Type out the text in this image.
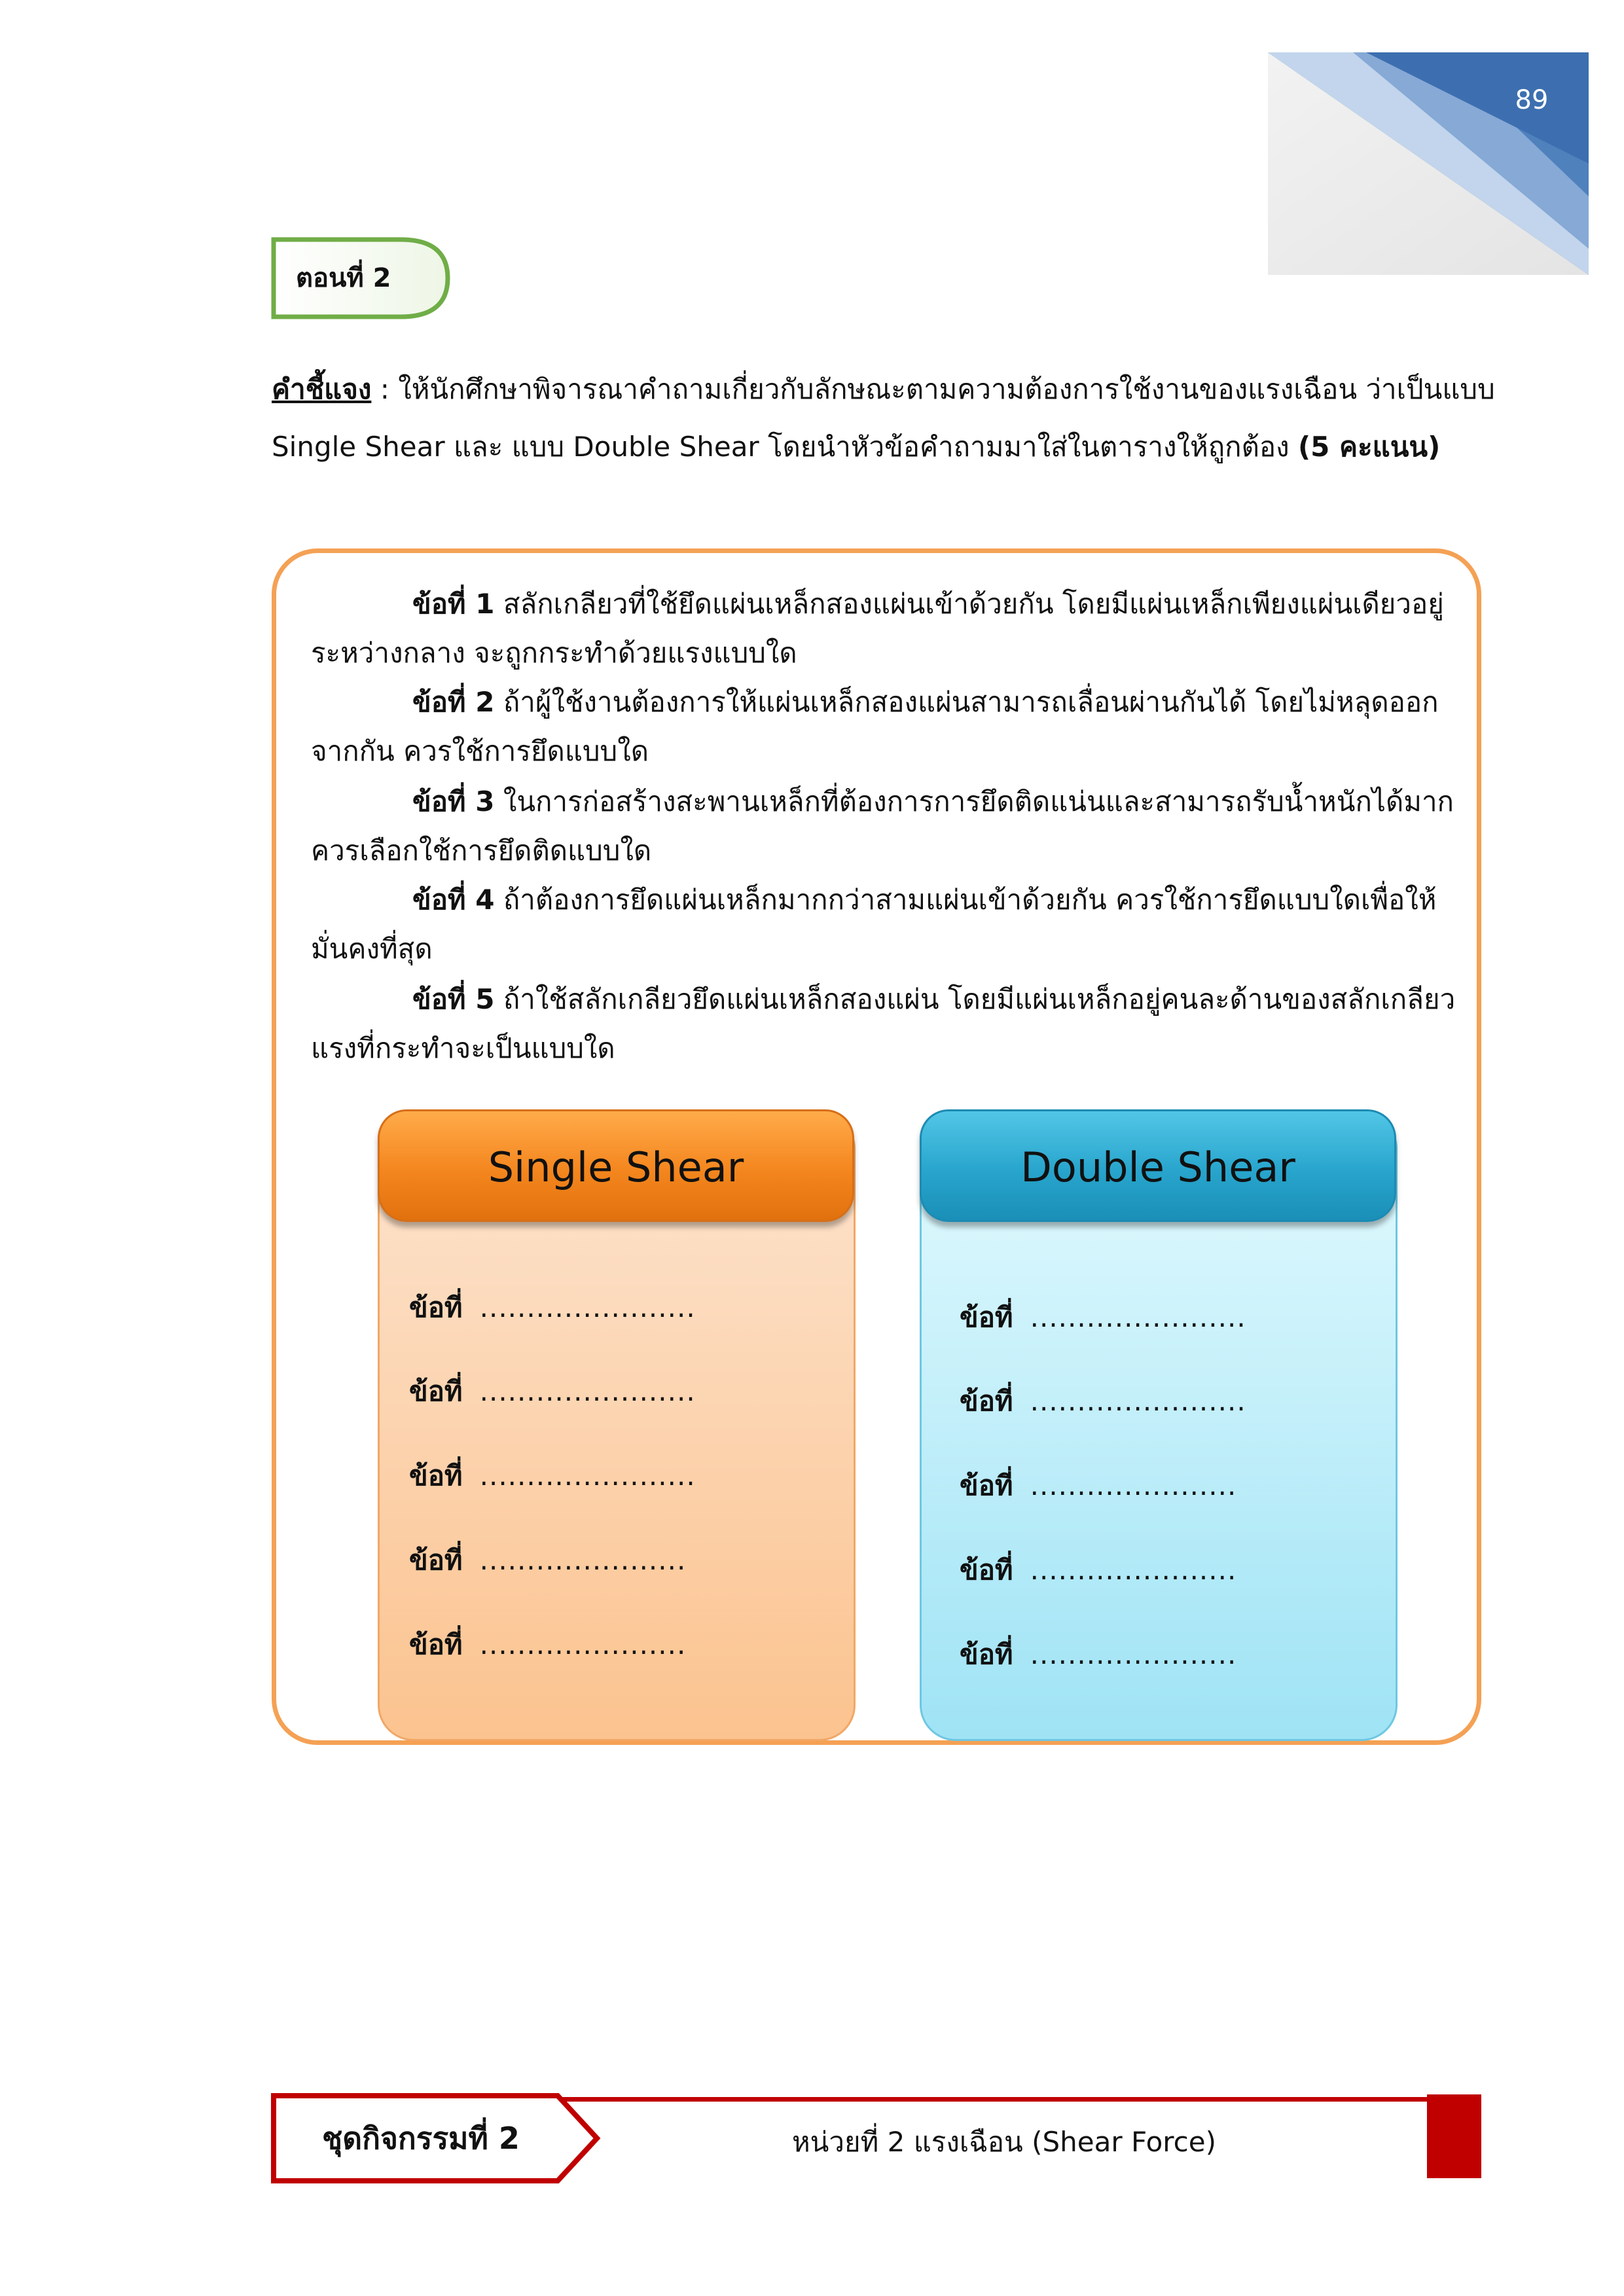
89
ตอนที่ 2
คำชี้แจง : ให้นักศึกษาพิจารณาคำถามเกี่ยวกับลักษณะตามความต้องการใช้งานของแรงเฉือน ว่าเป็นแบบ
Single Shear และ แบบ Double Shear โดยนำหัวข้อคำถามมาใส่ในตารางให้ถูกต้อง (5 คะแนน)
ข้อที่ 1 สลักเกลียวที่ใช้ยึดแผ่นเหล็กสองแผ่นเข้าด้วยกัน โดยมีแผ่นเหล็กเพียงแผ่นเดียวอยู่
ระหว่างกลาง จะถูกกระทำด้วยแรงแบบใด
ข้อที่ 2 ถ้าผู้ใช้งานต้องการให้แผ่นเหล็กสองแผ่นสามารถเลื่อนผ่านกันได้ โดยไม่หลุดออก
จากกัน ควรใช้การยึดแบบใด
ข้อที่ 3 ในการก่อสร้างสะพานเหล็กที่ต้องการการยึดติดแน่นและสามารถรับน้ำหนักได้มาก
ควรเลือกใช้การยึดติดแบบใด
ข้อที่ 4 ถ้าต้องการยึดแผ่นเหล็กมากกว่าสามแผ่นเข้าด้วยกัน ควรใช้การยึดแบบใดเพื่อให้
มั่นคงที่สุด
ข้อที่ 5 ถ้าใช้สลักเกลียวยึดแผ่นเหล็กสองแผ่น โดยมีแผ่นเหล็กอยู่คนละด้านของสลักเกลียว
แรงที่กระทำจะเป็นแบบใด
Single Shear	Double Shear
ข้อที่ .......................
ข้อที่ .......................
ข้อที่ .......................
ข้อที่ ......................
ข้อที่ ......................
ข้อที่ .......................
ข้อที่ .......................
ข้อที่ ......................
ข้อที่ ......................
ข้อที่ ......................
ชุดกิจกรรมที่ 2	หน่วยที่ 2 แรงเฉือน (Shear Force)
